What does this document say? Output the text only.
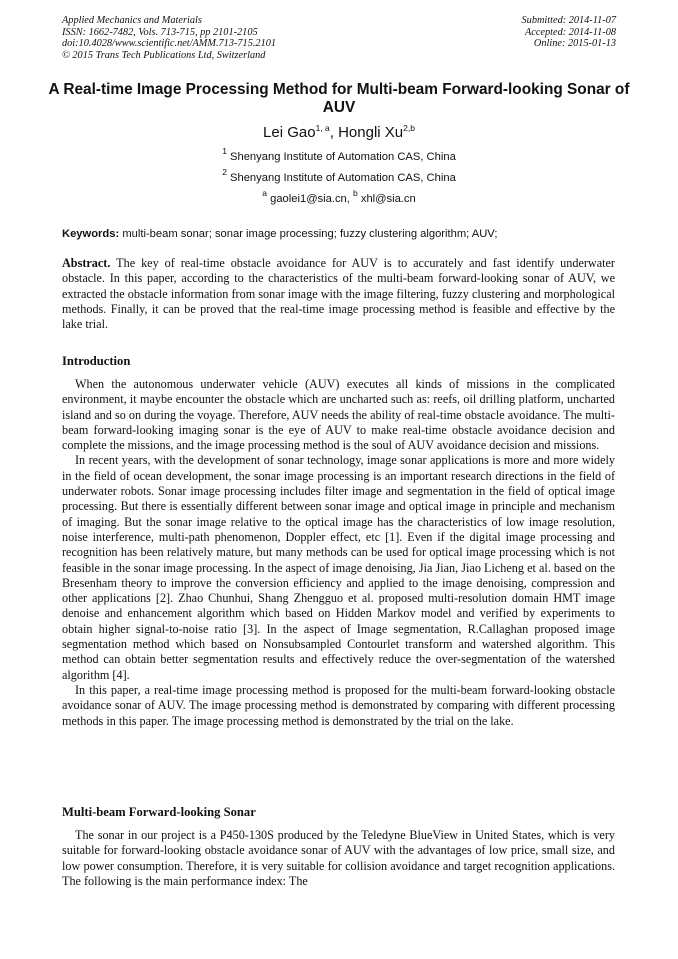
Applied Mechanics and Materials
ISSN: 1662-7482, Vols. 713-715, pp 2101-2105
doi:10.4028/www.scientific.net/AMM.713-715.2101
© 2015 Trans Tech Publications Ltd, Switzerland
Submitted: 2014-11-07
Accepted: 2014-11-08
Online: 2015-01-13
A Real-time Image Processing Method for Multi-beam Forward-looking Sonar of AUV
Lei Gao$^{1, a}$, Hongli Xu$^{2,b}$
$^1$ Shenyang Institute of Automation CAS, China
$^2$ Shenyang Institute of Automation CAS, China
$^a$ gaolei1@sia.cn, $^b$ xhl@sia.cn
Keywords: multi-beam sonar; sonar image processing; fuzzy clustering algorithm; AUV;

Abstract. The key of real-time obstacle avoidance for AUV is to accurately and fast identify underwater obstacle. In this paper, according to the characteristics of the multi-beam forward-looking sonar of AUV, we extracted the obstacle information from sonar image with the image filtering, fuzzy clustering and morphological methods. Finally, it can be proved that the real-time image processing method is feasible and effective by the lake trial.

Introduction

When the autonomous underwater vehicle (AUV) executes all kinds of missions in the complicated environment, it maybe encounter the obstacle which are uncharted such as: reefs, oil drilling platform, uncharted island and so on during the voyage. Therefore, AUV needs the ability of real-time obstacle avoidance. The multi-beam forward-looking imaging sonar is the eye of AUV to make real-time obstacle avoidance decision and complete the missions, and the image processing method is the soul of AUV avoidance decision and missions.

In recent years, with the development of sonar technology, image sonar applications is more and more widely in the field of ocean development, the sonar image processing is an important research directions in the field of underwater robots. Sonar image processing includes filter image and segmentation in the field of optical image processing. But there is essentially different between sonar image and optical image in principle and mechanism of imaging. But the sonar image relative to the optical image has the characteristics of low image resolution, noise interference, multi-path phenomenon, Doppler effect, etc [1]. Even if the digital image processing and recognition has been relatively mature, but many methods can be used for optical image processing which is not feasible in the sonar image processing. In the aspect of image denoising, Jia Jian, Jiao Licheng et al. based on the Bresenham theory to improve the conversion efficiency and applied to the image denoising, compression and other applications [2]. Zhao Chunhui, Shang Zhengguo et al. proposed multi-resolution domain HMT image denoise and enhancement algorithm which based on Hidden Markov model and verified by experiments to obtain higher signal-to-noise ratio [3]. In the aspect of Image segmentation, R.Callaghan proposed image segmentation method which based on Nonsubsampled Contourlet transform and watershed algorithm. This method can obtain better segmentation results and effectively reduce the over-segmentation of the watershed algorithm [4].

In this paper, a real-time image processing method is proposed for the multi-beam forward-looking obstacle avoidance sonar of AUV. The image processing method is demonstrated by comparing with different processing methods in this paper. The image processing method is demonstrated by the trial on the lake.

Multi-beam Forward-looking Sonar

The sonar in our project is a P450-130S produced by the Teledyne BlueView in United States, which is very suitable for forward-looking obstacle avoidance sonar of AUV with the advantages of low price, small size, and low power consumption. Therefore, it is very suitable for collision avoidance and target recognition applications. The following is the main performance index: The
